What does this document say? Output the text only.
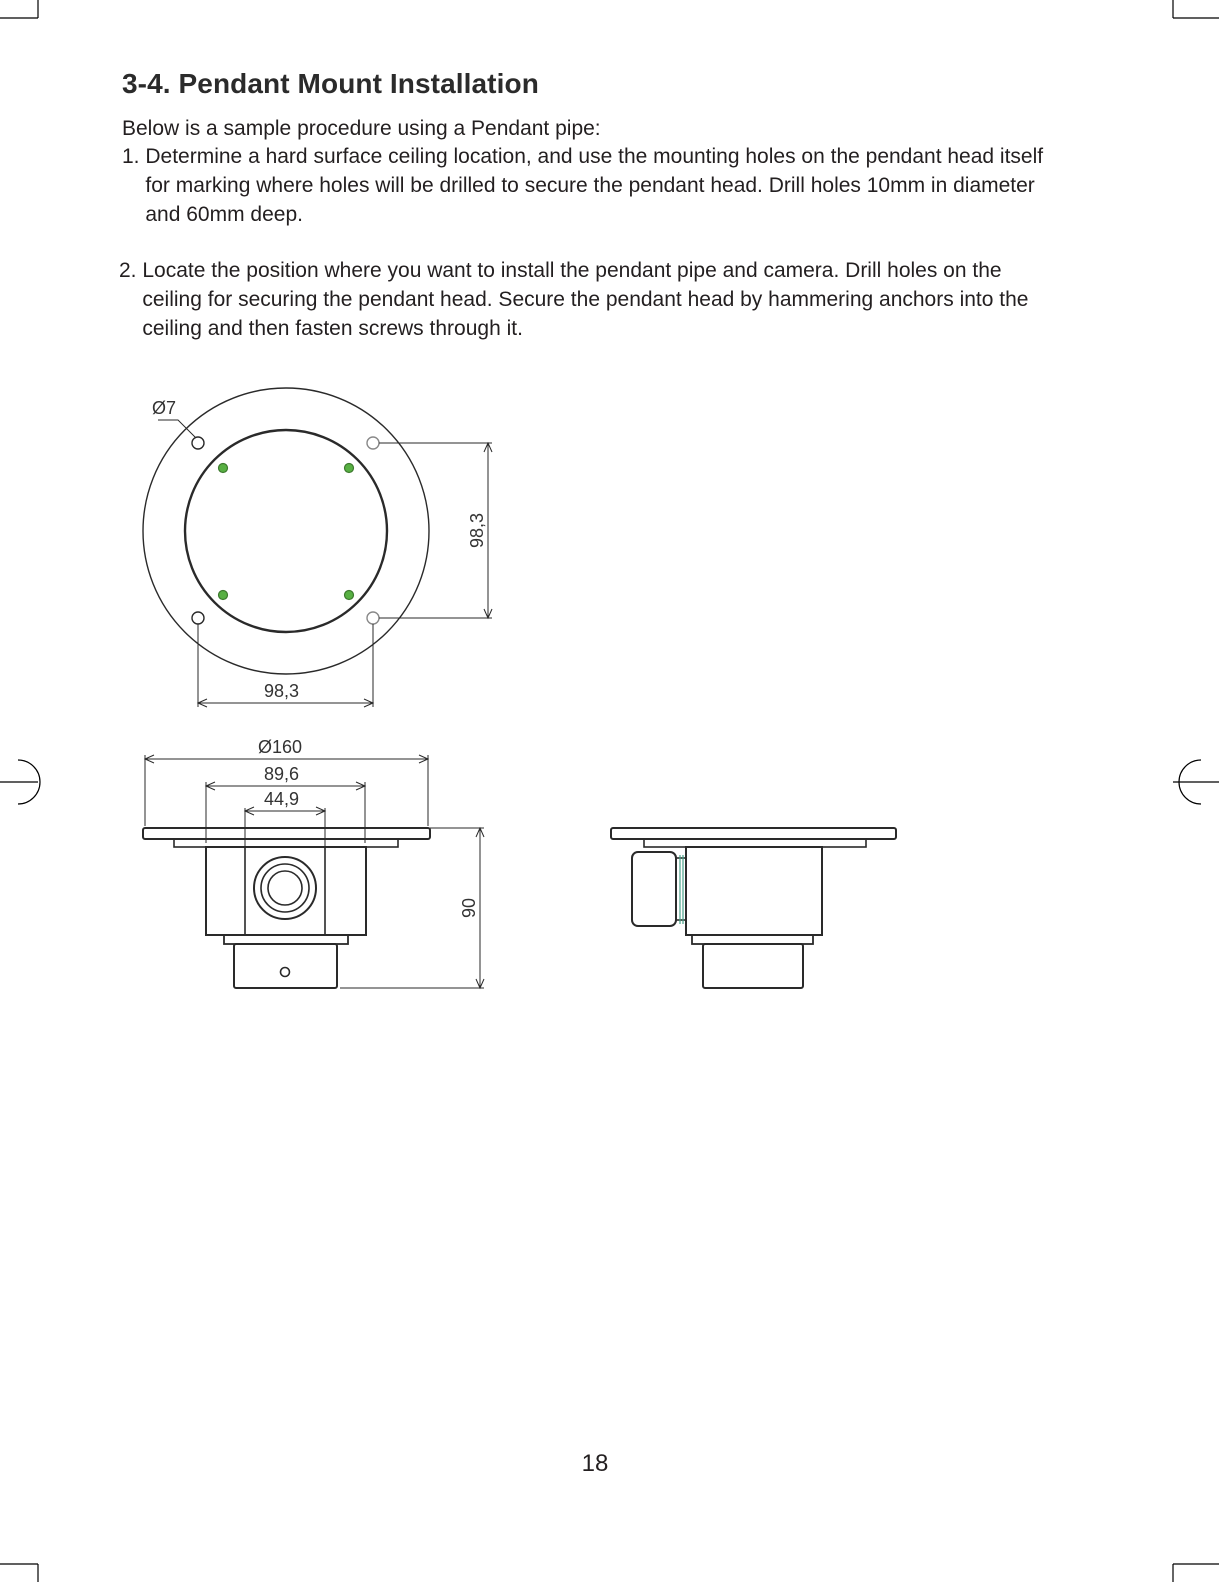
3-4. Pendant Mount Installation

Below is a sample procedure using a Pendant pipe:

1. Determine a hard surface ceiling location, and use the mounting holes on the pendant head itself for marking where holes will be drilled to secure the pendant head. Drill holes 10mm in diameter and 60mm deep.
2. Locate the position where you want to install the pendant pipe and camera. Drill holes on the ceiling for securing the pendant head. Secure the pendant head by hammering anchors into the ceiling and then fasten screws through it.
Ø7
98,3
98,3
Ø160
89,6
44,9
90
18
